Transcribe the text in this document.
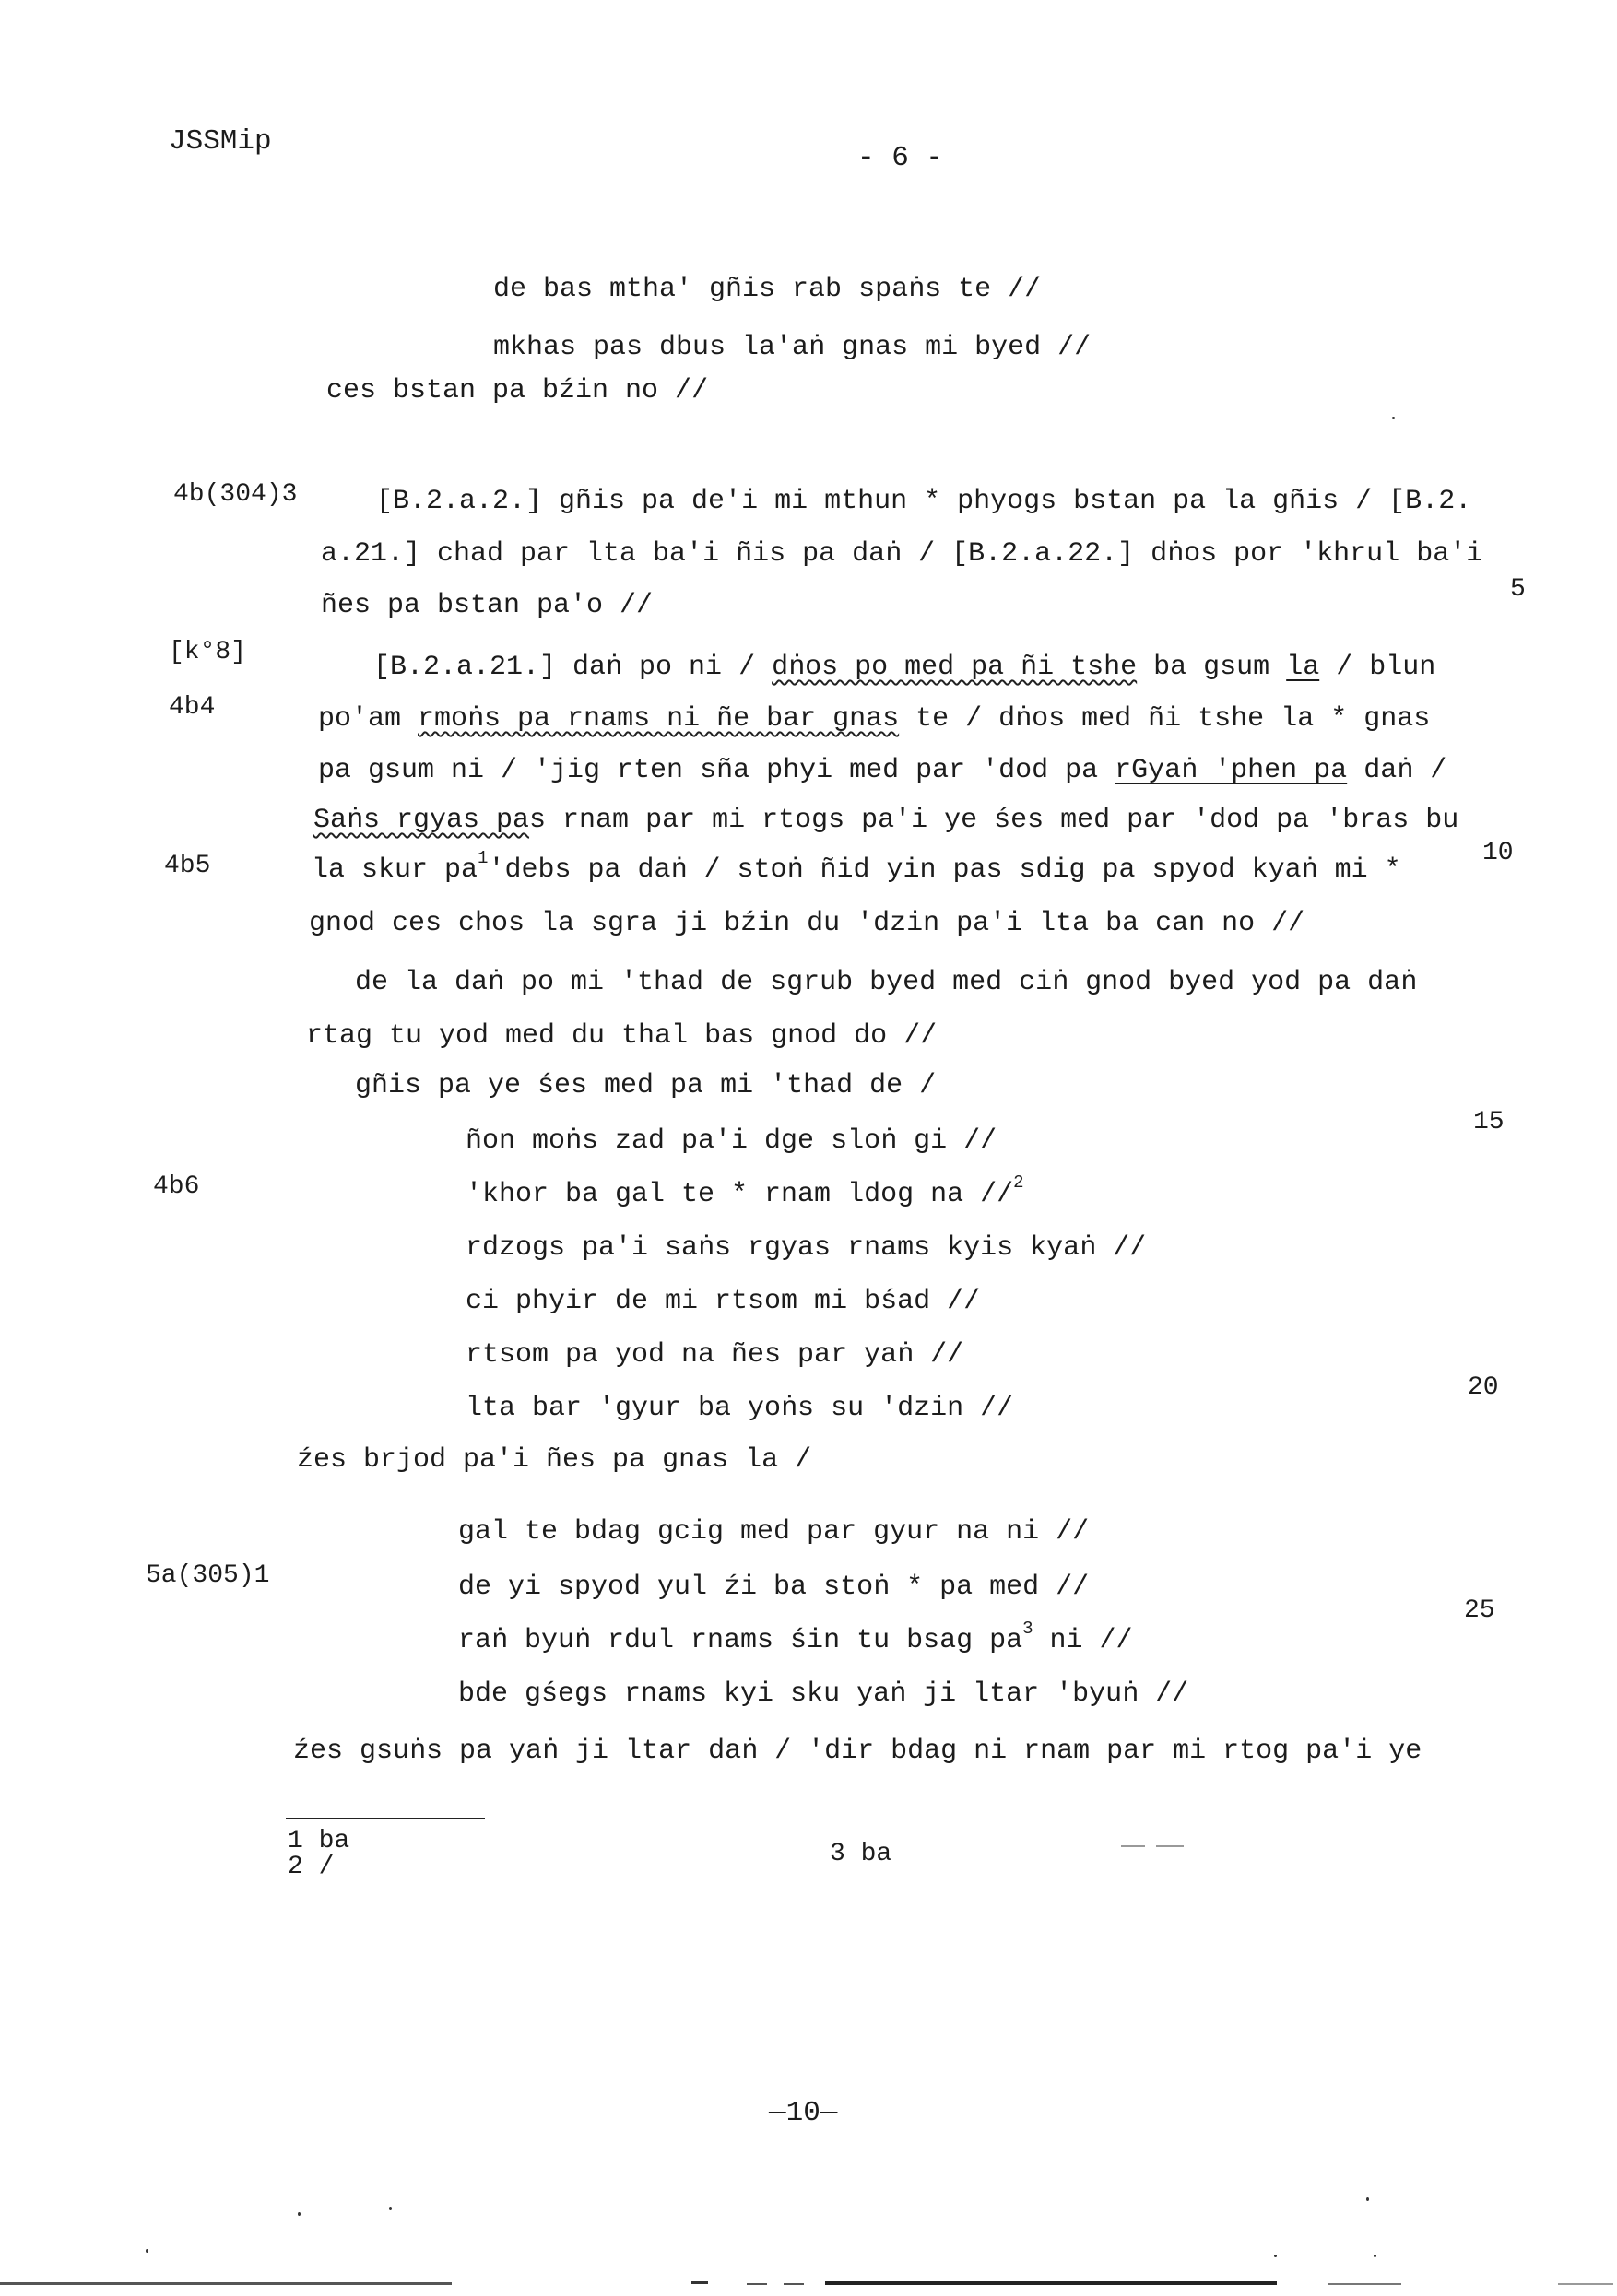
JSSMip
- 6 -
de bas mtha' gñis rab spaṅs te //
mkhas pas dbus la'aṅ gnas mi byed //
ces bstan pa bźin no //
4b(304)3	[B.2.a.2.] gñis pa de'i mi mthun * phyogs bstan pa la gñis / [B.2.
a.21.] chad par lta ba'i ñis pa daṅ / [B.2.a.22.] dṅos por 'khrul ba'i
5
ñes pa bstan pa'o //
[k°8]	[B.2.a.21.] daṅ po ni / dṅos po med pa ñi tshe ba gsum la / blun
4b4	po'am rmoṅs pa rnams ni ñe bar gnas te / dṅos med ñi tshe la * gnas
pa gsum ni / 'jig rten sña phyi med par 'dod pa rGyaṅ 'phen pa daṅ /
Saṅs rgyas pas rnam par mi rtogs pa'i ye śes med par 'dod pa 'bras bu
10
4b5	la skur $pa^1'debs$ pa daṅ / stoṅ ñid yin pas sdig pa spyod kyaṅ mi *
gnod ces chos la sgra ji bźin du 'dzin pa'i lta ba can no //
de la daṅ po mi 'thad de sgrub byed med ciṅ gnod byed yod pa daṅ
rtag tu yod med du thal bas gnod do //
gñis pa ye śes med pa mi 'thad de /
15
ñon moṅs zad pa'i dge sloṅ gi //
4b6	'khor ba gal te * rnam ldog na //$^2$
rdzogs pa'i saṅs rgyas rnams kyis kyaṅ //
ci phyir de mi rtsom mi bśad //
rtsom pa yod na ñes par yaṅ //
20
lta bar 'gyur ba yoṅs su 'dzin //
źes brjod pa'i ñes pa gnas la /
gal te bdag gcig med par gyur na ni //
5a(305)1	de yi spyod yul źi ba stoṅ * pa med //
25
raṅ byuṅ rdul rnams śin tu bsag $pa^3$ ni //
bde gśegs rnams kyi sku yaṅ ji ltar 'byuṅ //
źes gsuṅs pa yaṅ ji ltar daṅ / 'dir bdag ni rnam par mi rtog pa'i ye
1 ba
2 /	3 ba
—10—
